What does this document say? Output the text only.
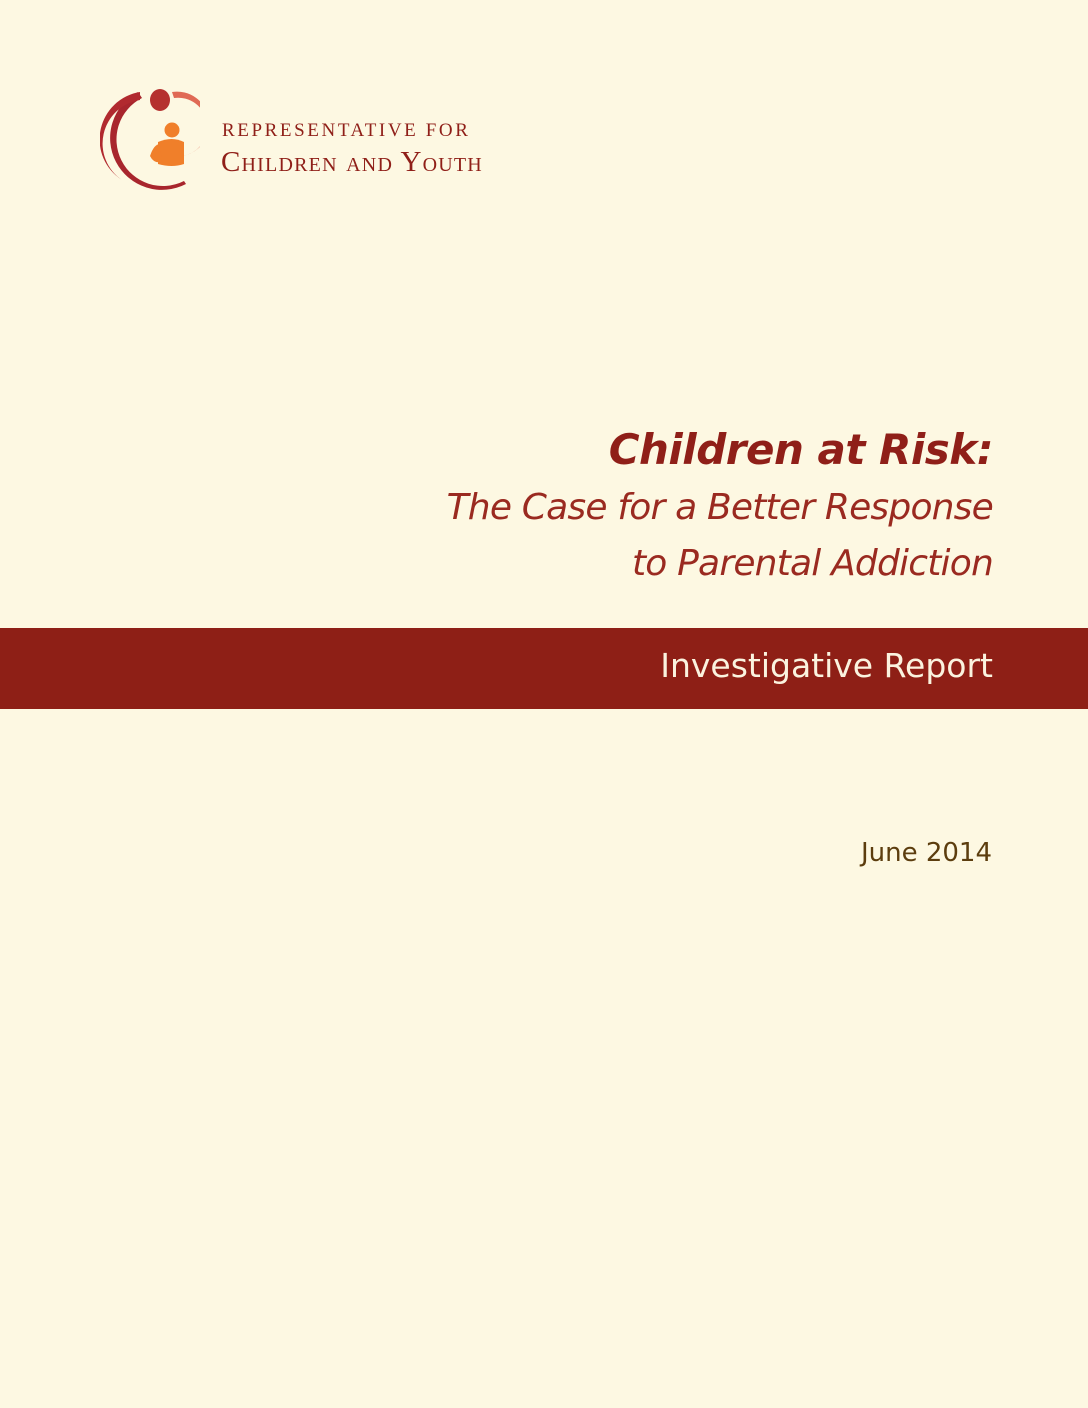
REPRESENTATIVE FOR
Children and Youth
Children at Risk:
The Case for a Better Response
to Parental Addiction
Investigative Report
June 2014
